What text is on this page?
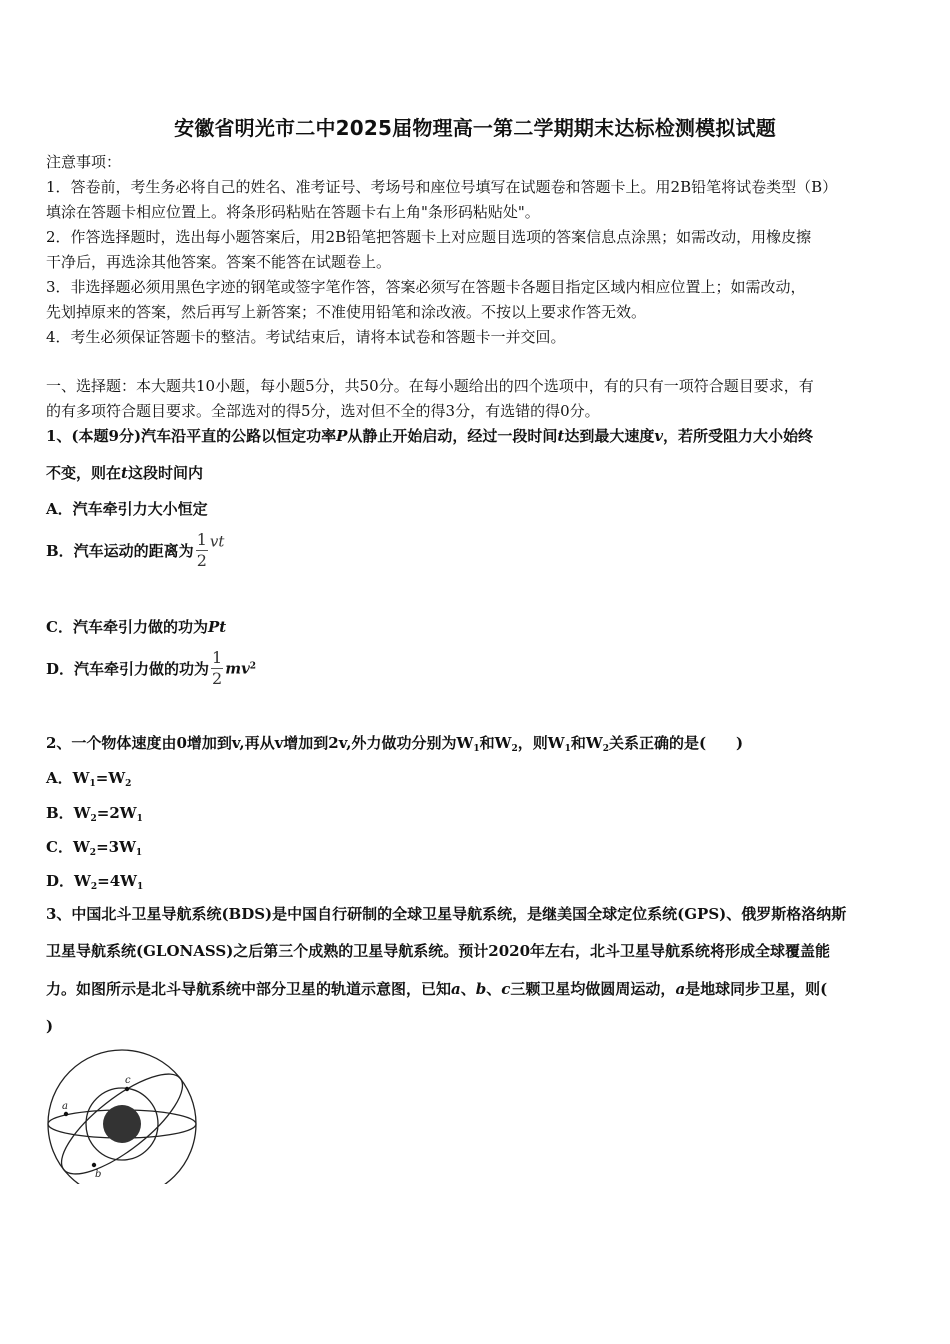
安徽省明光市二中2025届物理高一第二学期期末达标检测模拟试题
注意事项：
1．答卷前，考生务必将自己的姓名、准考证号、考场号和座位号填写在试题卷和答题卡上。用2B铅笔将试卷类型（B）
填涂在答题卡相应位置上。将条形码粘贴在答题卡右上角"条形码粘贴处"。
2．作答选择题时，选出每小题答案后，用2B铅笔把答题卡上对应题目选项的答案信息点涂黑；如需改动，用橡皮擦
干净后，再选涂其他答案。答案不能答在试题卷上。
3．非选择题必须用黑色字迹的钢笔或签字笔作答，答案必须写在答题卡各题目指定区域内相应位置上；如需改动，
先划掉原来的答案，然后再写上新答案；不准使用铅笔和涂改液。不按以上要求作答无效。
4．考生必须保证答题卡的整洁。考试结束后，请将本试卷和答题卡一并交回。
一、选择题：本大题共10小题，每小题5分，共50分。在每小题给出的四个选项中，有的只有一项符合题目要求，有
的有多项符合题目要求。全部选对的得5分，选对但不全的得3分，有选错的得0分。
1、(本题9分)汽车沿平直的公路以恒定功率P从静止开始启动，经过一段时间t达到最大速度v，若所受阻力大小始终
不变，则在t这段时间内
A．汽车牵引力大小恒定
B．汽车运动的距离为 $\frac{1}{2}$ vt
C．汽车牵引力做的功为Pt
D．汽车牵引力做的功为 $\frac{1}{2} mv^2$
2、一个物体速度由0增加到v,再从v增加到2v,外力做功分别为$W_1$和$W_2$，则$W_1$和$W_2$关系正确的是(　　)
A．$W_1=W_2$
B．$W_2=2W_1$
C．$W_2=3W_1$
D．$W_2=4W_1$
3、中国北斗卫星导航系统(BDS)是中国自行研制的全球卫星导航系统，是继美国全球定位系统(GPS)、俄罗斯格洛纳斯
卫星导航系统(GLONASS)之后第三个成熟的卫星导航系统。预计2020年左右，北斗卫星导航系统将形成全球覆盖能
力。如图所示是北斗导航系统中部分卫星的轨道示意图，已知a、b、c三颗卫星均做圆周运动，a是地球同步卫星，则(
)
a
c
b
